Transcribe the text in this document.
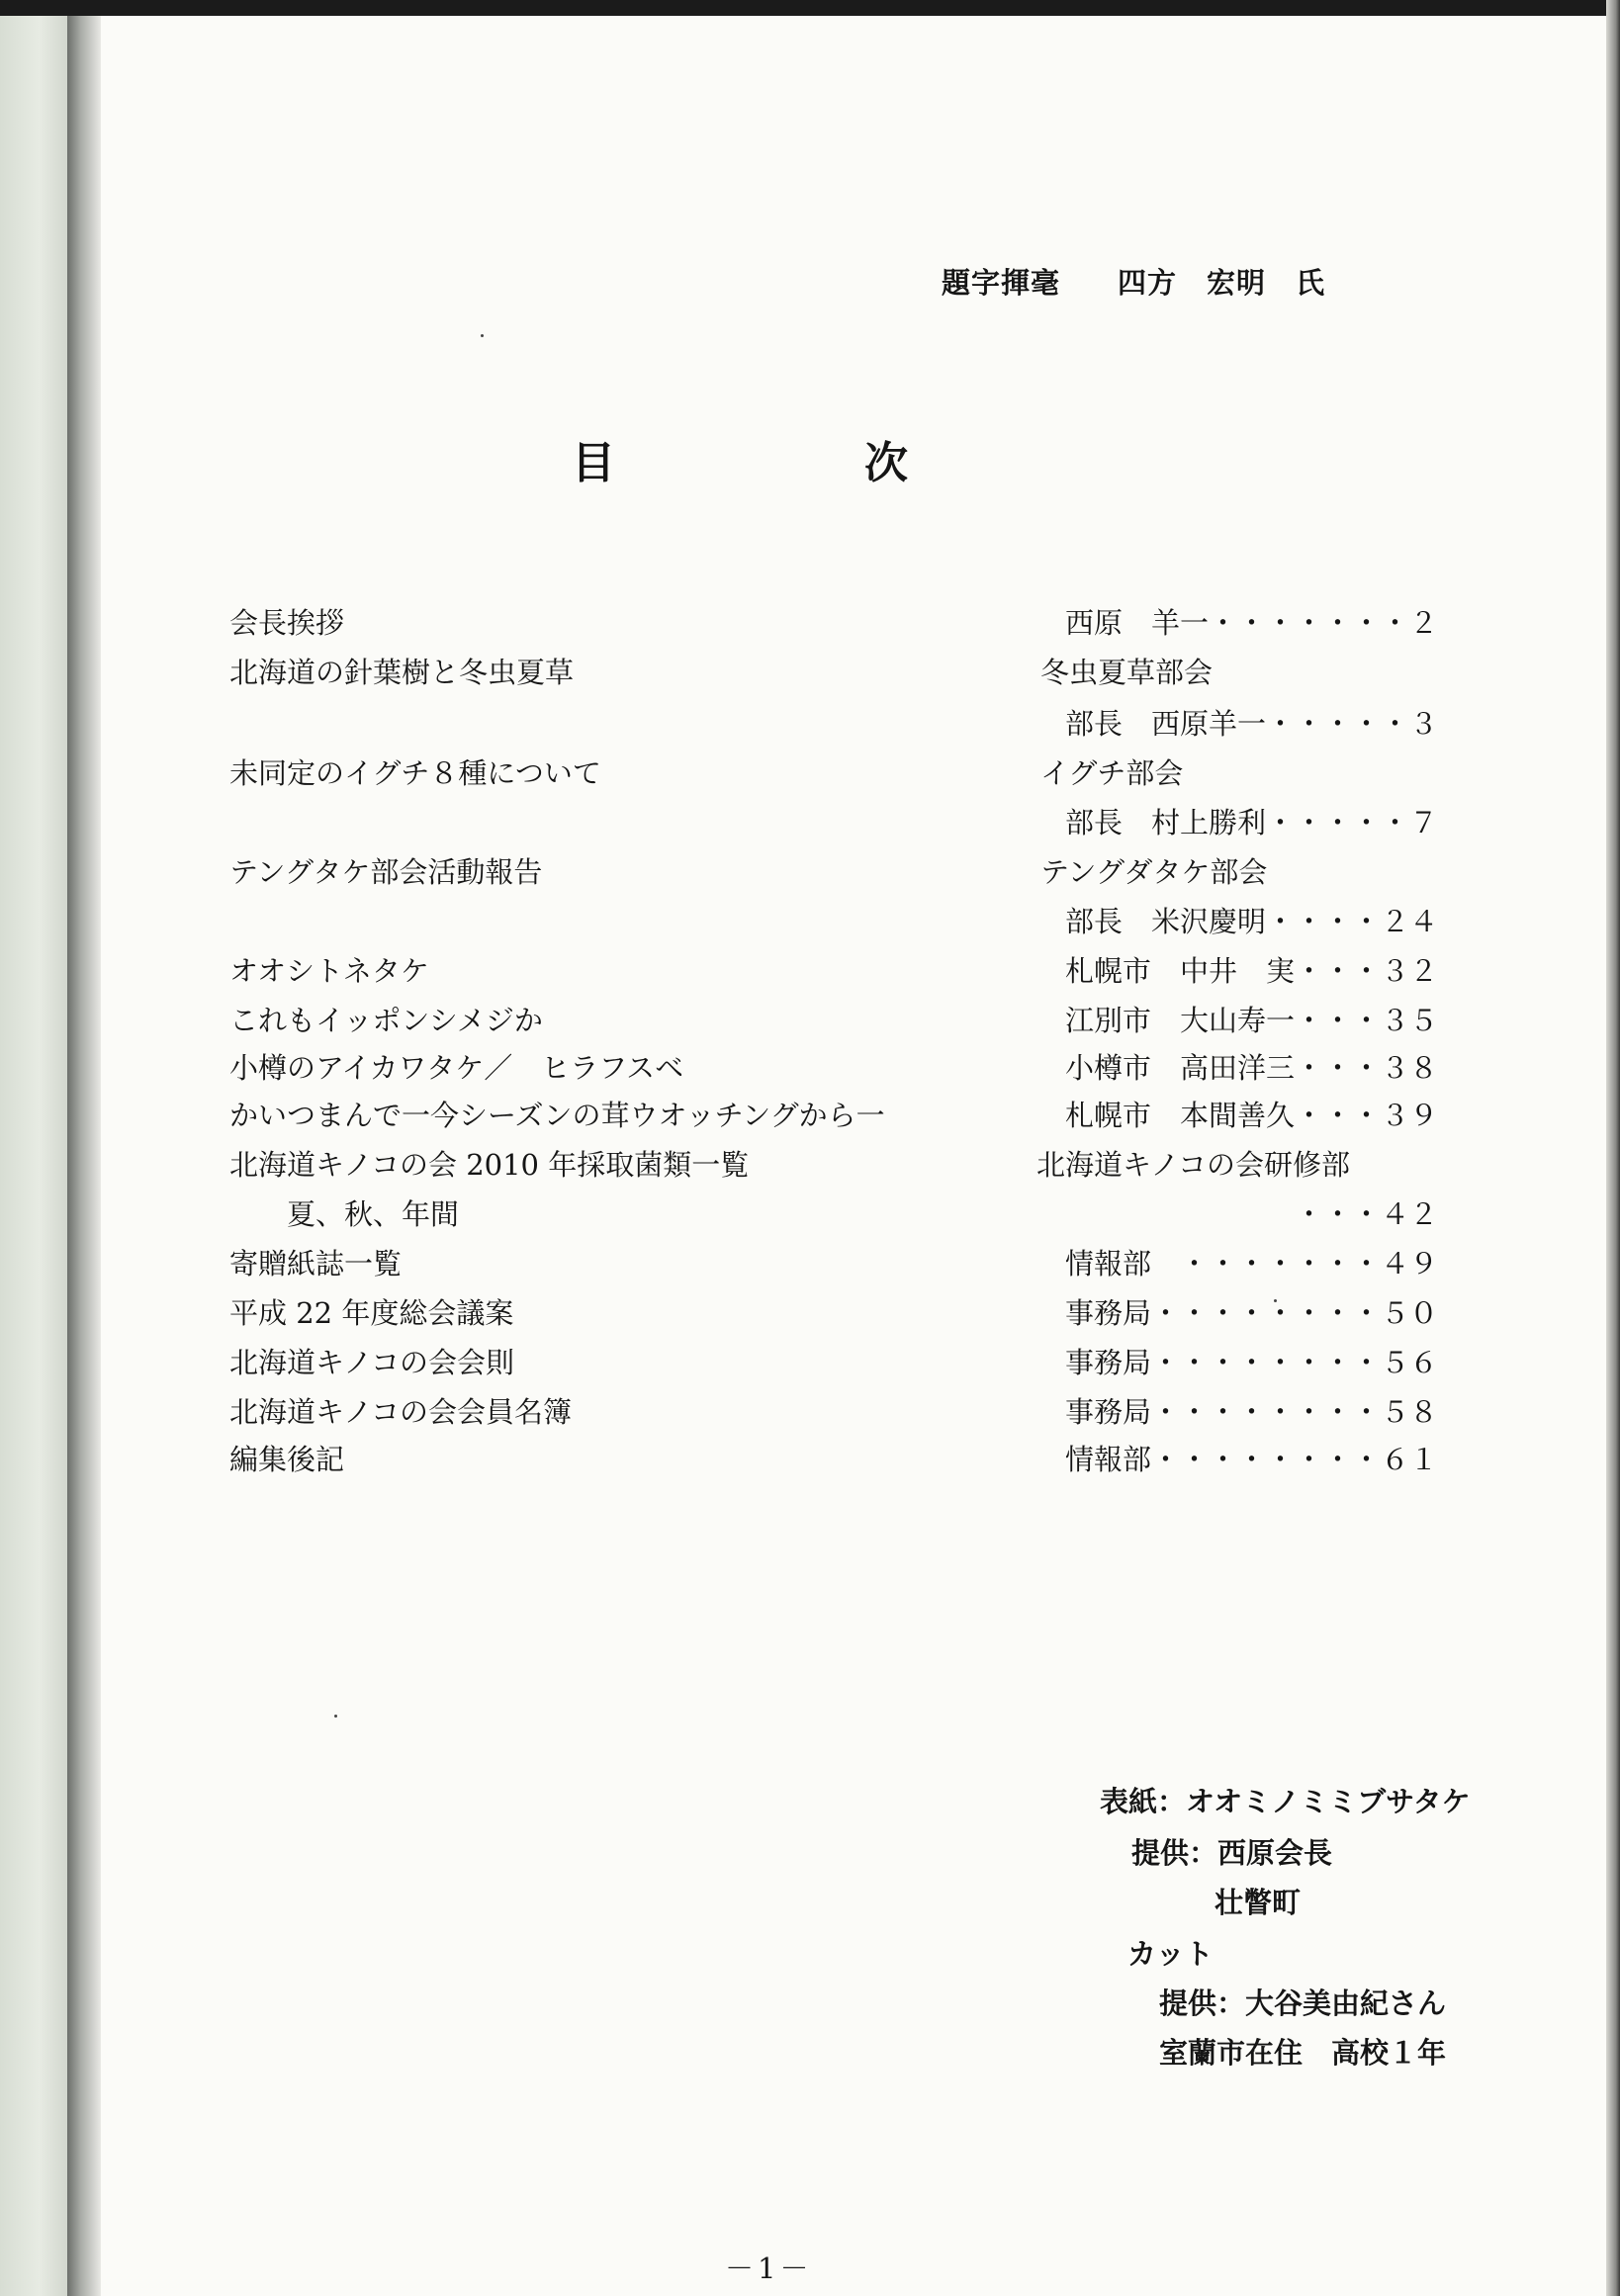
題字揮毫 四方　宏明　氏
目	次
会長挨拶	西原　羊一・・・・・・・２
北海道の針葉樹と冬虫夏草	冬虫夏草部会
部長　西原羊一・・・・・３
未同定のイグチ８種について	イグチ部会
部長　村上勝利・・・・・７
テングタケ部会活動報告	テングダタケ部会
部長　米沢慶明・・・・２４
オオシトネタケ	札幌市　中井　実・・・３２
これもイッポンシメジか	江別市　大山寿一・・・３５
小樽のアイカワタケ／　ヒラフスベ	小樽市　高田洋三・・・３８
かいつまんで一今シーズンの茸ウオッチングから一	札幌市　本間善久・・・３９
北海道キノコの会 2010 年採取菌類一覧	北海道キノコの会研修部
夏、秋、年間	・・・４２
寄贈紙誌一覧	情報部　・・・・・・・４９
平成 22 年度総会議案	事務局・・・・・・・・５０
北海道キノコの会会則	事務局・・・・・・・・５６
北海道キノコの会会員名簿	事務局・・・・・・・・５８
編集後記	情報部・・・・・・・・６１
表紙：オオミノミミブサタケ
提供：西原会長
壮瞥町
カット
提供：大谷美由紀さん
室蘭市在住　高校１年
－1－
